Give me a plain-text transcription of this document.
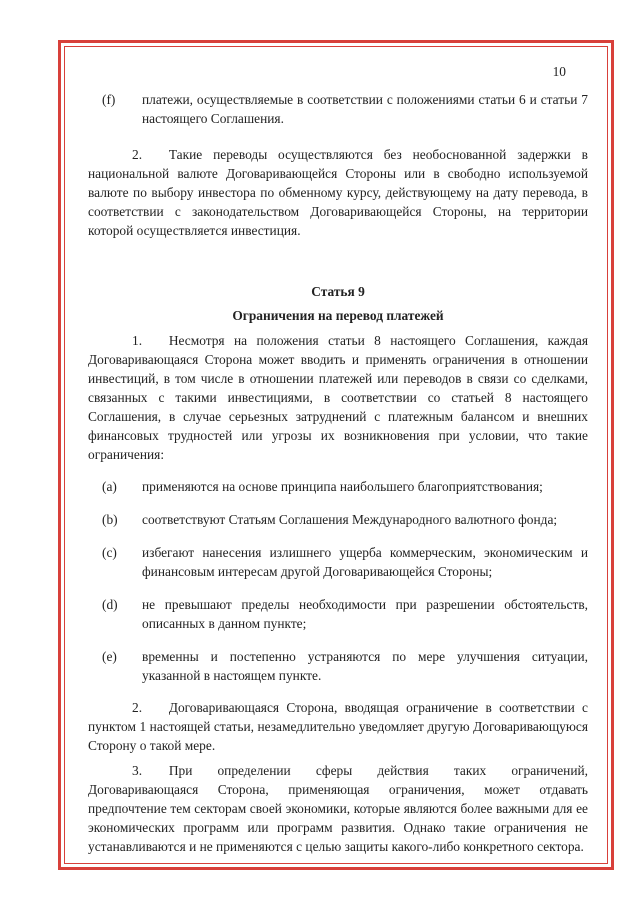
10
(f)	платежи, осуществляемые в соответствии с положениями статьи 6 и статьи 7 настоящего Соглашения.

2.  Такие переводы осуществляются без необоснованной задержки в национальной валюте Договаривающейся Стороны или в свободно используемой валюте по выбору инвестора по обменному курсу, действующему на дату перевода, в соответствии с законодательством Договаривающейся Стороны, на территории которой осуществляется инвестиция.

Статья 9

Ограничения на перевод платежей

1.  Несмотря на положения статьи 8 настоящего Соглашения, каждая Договаривающаяся Сторона может вводить и применять ограничения в отношении инвестиций, в том числе в отношении платежей или переводов в связи со сделками, связанных с такими инвестициями, в соответствии со статьей 8 настоящего Соглашения, в случае серьезных затруднений с платежным балансом и внешних финансовых трудностей или угрозы их возникновения при условии, что такие ограничения:

(a)	применяются на основе принципа наибольшего благоприятствования;
(b)	соответствуют Статьям Соглашения Международного валютного фонда;
(c)	избегают нанесения излишнего ущерба коммерческим, экономическим и финансовым интересам другой Договаривающейся Стороны;
(d)	не превышают пределы необходимости при разрешении обстоятельств, описанных в данном пункте;
(e)	временны и постепенно устраняются по мере улучшения ситуации, указанной в настоящем пункте.

2.  Договаривающаяся Сторона, вводящая ограничение в соответствии с пунктом 1 настоящей статьи, незамедлительно уведомляет другую Договаривающуюся Сторону о такой мере.

3.  При определении сферы действия таких ограничений, Договаривающаяся Сторона, применяющая ограничения, может отдавать предпочтение тем секторам своей экономики, которые являются более важными для ее экономических программ или программ развития. Однако такие ограничения не устанавливаются и не применяются с целью защиты какого-либо конкретного сектора.
